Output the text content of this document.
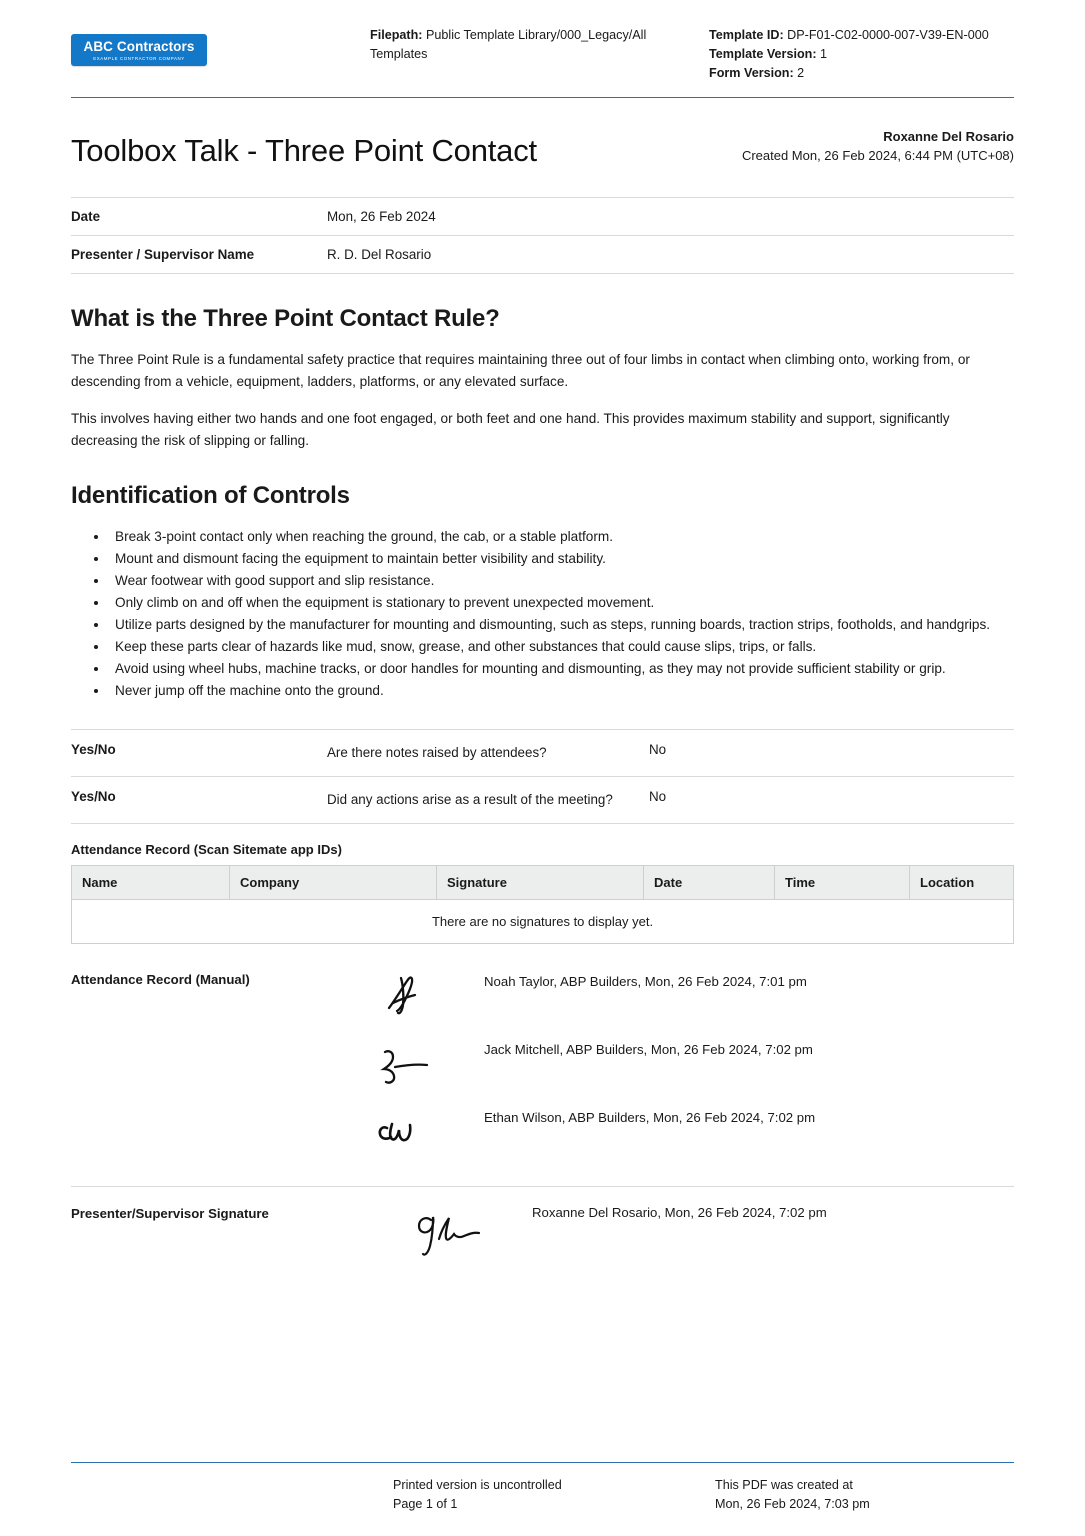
ABC Contractors
EXAMPLE CONTRACTOR COMPANY
Filepath: Public Template Library/000_Legacy/All Templates
Template ID: DP-F01-C02-0000-007-V39-EN-000
Template Version: 1
Form Version: 2
Toolbox Talk - Three Point Contact	Roxanne Del Rosario
Created Mon, 26 Feb 2024, 6:44 PM (UTC+08)
Date	Mon, 26 Feb 2024
Presenter / Supervisor Name	R. D. Del Rosario
What is the Three Point Contact Rule?

The Three Point Rule is a fundamental safety practice that requires maintaining three out of four limbs in contact when climbing onto, working from, or descending from a vehicle, equipment, ladders, platforms, or any elevated surface.

This involves having either two hands and one foot engaged, or both feet and one hand. This provides maximum stability and support, significantly decreasing the risk of slipping or falling.

Identification of Controls
• Break 3-point contact only when reaching the ground, the cab, or a stable platform.
• Mount and dismount facing the equipment to maintain better visibility and stability.
• Wear footwear with good support and slip resistance.
• Only climb on and off when the equipment is stationary to prevent unexpected movement.
• Utilize parts designed by the manufacturer for mounting and dismounting, such as steps, running boards, traction strips, footholds, and handgrips.
• Keep these parts clear of hazards like mud, snow, grease, and other substances that could cause slips, trips, or falls.
• Avoid using wheel hubs, machine tracks, or door handles for mounting and dismounting, as they may not provide sufficient stability or grip.
• Never jump off the machine onto the ground.
Yes/No	Are there notes raised by attendees?	No
Yes/No	Did any actions arise as a result of the meeting?	No
Attendance Record (Scan Sitemate app IDs)
Name	Company	Signature	Date	Time	Location
There are no signatures to display yet.
Attendance Record (Manual)	Noah Taylor, ABP Builders, Mon, 26 Feb 2024, 7:01 pm
Jack Mitchell, ABP Builders, Mon, 26 Feb 2024, 7:02 pm
Ethan Wilson, ABP Builders, Mon, 26 Feb 2024, 7:02 pm
Presenter/Supervisor Signature	Roxanne Del Rosario, Mon, 26 Feb 2024, 7:02 pm
Printed version is uncontrolled
Page 1 of 1
This PDF was created at
Mon, 26 Feb 2024, 7:03 pm
